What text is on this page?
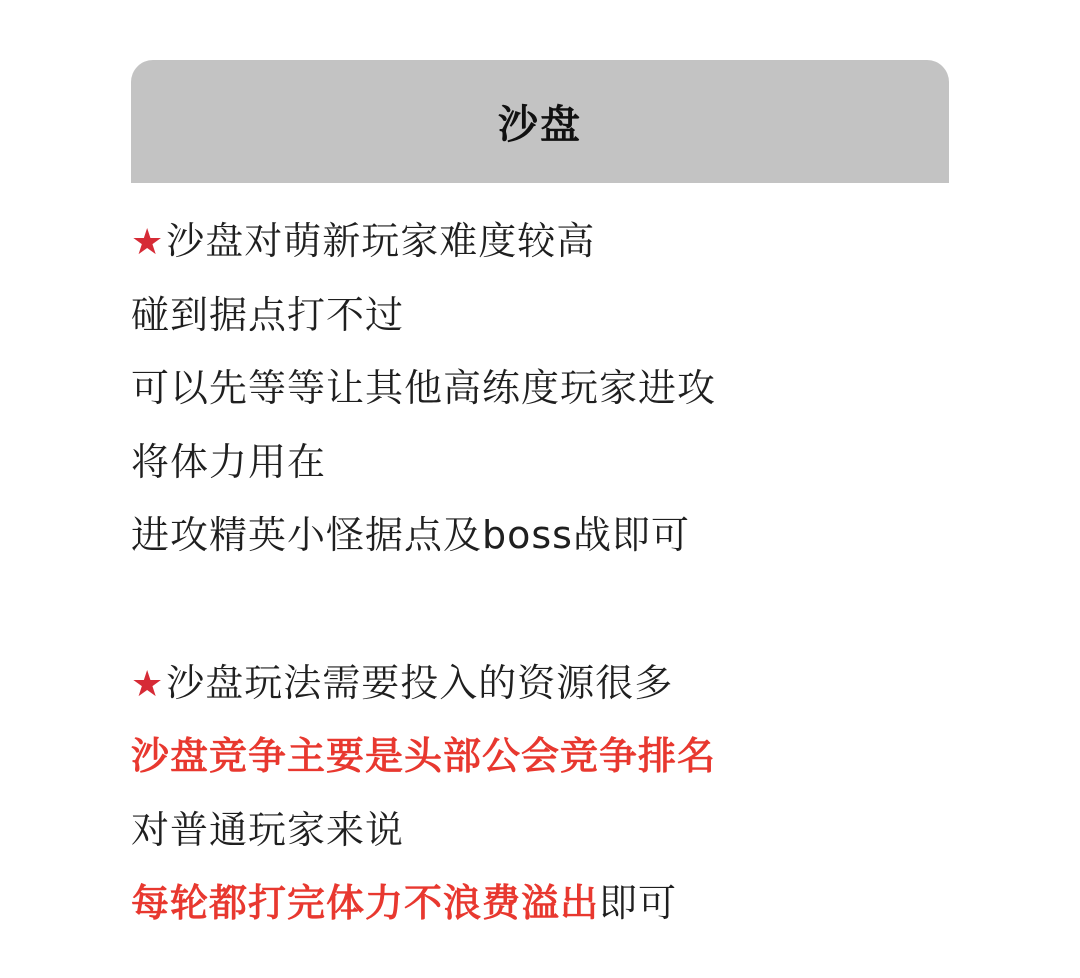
沙盘
★沙盘对萌新玩家难度较高
碰到据点打不过
可以先等等让其他高练度玩家进攻
将体力用在
进攻精英小怪据点及boss战即可
★沙盘玩法需要投入的资源很多
沙盘竞争主要是头部公会竞争排名
对普通玩家来说
每轮都打完体力不浪费溢出即可
